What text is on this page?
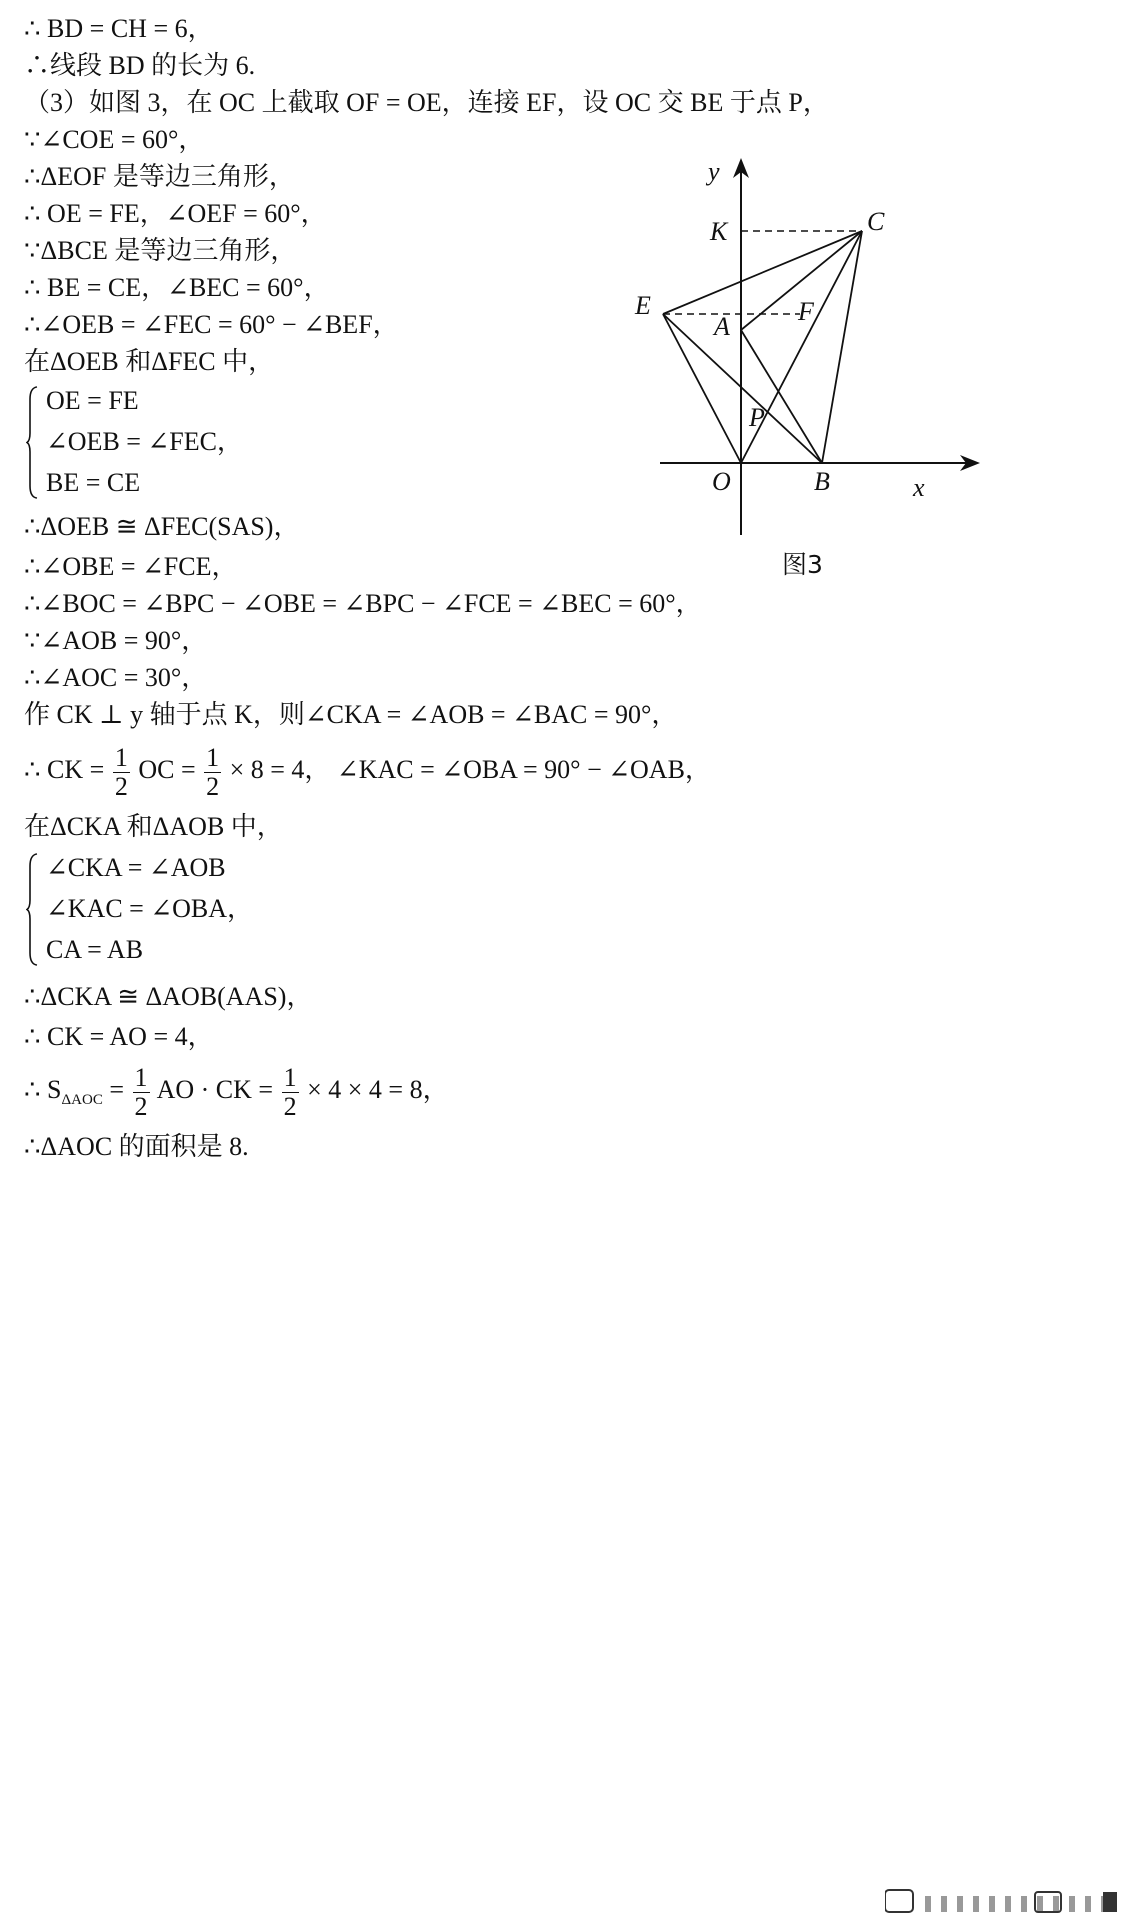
∴ BD = CH = 6，
∴线段 BD 的长为 6.
（3）如图 3，在 OC 上截取 OF = OE，连接 EF，设 OC 交 BE 于点 P，
∵∠COE = 60°，
∴ΔEOF 是等边三角形，
∴ OE = FE，∠OEF = 60°，
∵ΔBCE 是等边三角形，
∴ BE = CE，∠BEC = 60°，
∴∠OEB = ∠FEC = 60° − ∠BEF，
在ΔOEB 和ΔFEC 中，
OE = FE
∠OEB = ∠FEC，
BE = CE
∴ΔOEB ≅ ΔFEC(SAS)，
∴∠OBE = ∠FCE，
∴∠BOC = ∠BPC − ∠OBE = ∠BPC − ∠FCE = ∠BEC = 60°，
∵∠AOB = 90°，
∴∠AOC = 30°，
作 CK ⊥ y 轴于点 K，则∠CKA = ∠AOB = ∠BAC = 90°，
∴ CK = $\frac{1}{2}$ OC = $\frac{1}{2} \times 8 = 4$， ∠KAC = ∠OBA = 90° − ∠OAB，
在ΔCKA 和ΔAOB 中，
∠CKA = ∠AOB
∠KAC = ∠OBA，
CA = AB
∴ΔCKA ≅ ΔAOB(AAS)，
∴ CK = AO = 4，
∴ $S_{\Delta AOC} = \frac{1}{2}$ AO · CK = $\frac{1}{2} \times 4 \times 4 = 8$，
∴ΔAOC 的面积是 8.
y
x
K	C
E
A
F
P
O	B
图3
